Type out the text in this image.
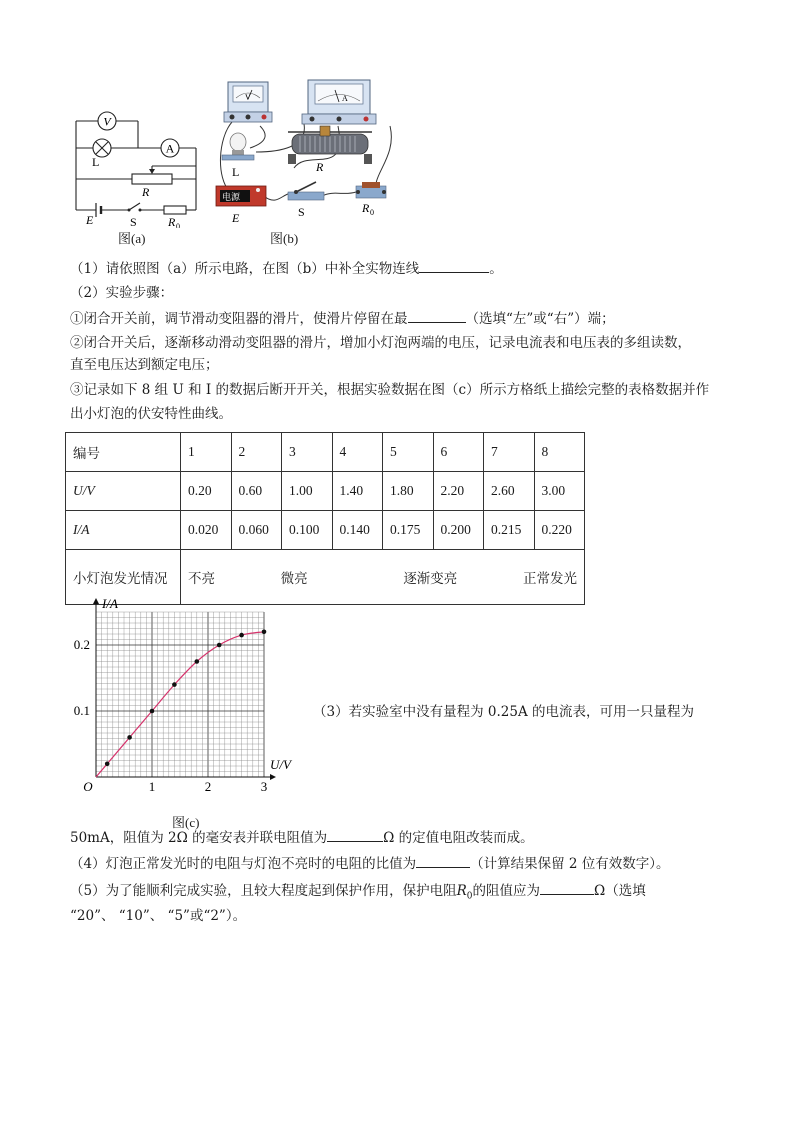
V
L
A
R
E	S	R 0
图(a)
V	A
L	R
电源
E	S	R 0
图(b)
（1）请依照图（a）所示电路，在图（b）中补全实物连线	。
（2）实验步骤：
①闭合开关前，调节滑动变阻器的滑片，使滑片停留在最	（选填“左”或“右”）端；
②闭合开关后，逐渐移动滑动变阻器的滑片，增加小灯泡两端的电压，记录电流表和电压表的多组读数，
直至电压达到额定电压；
③记录如下 8 组 U 和 I 的数据后断开开关，根据实验数据在图（c）所示方格纸上描绘完整的表格数据并作
出小灯泡的伏安特性曲线。
编号	1	2	3	4	5	6	7	8
U/V	0.20	0.60	1.00	1.40	1.80	2.20	2.60	3.00
I/A	0.020	0.060	0.100	0.140	0.175	0.200	0.215	0.220
小灯泡发光情况	不亮 微亮 逐渐变亮 正常发光							
I/A
U/V
O	1	2	3
0.1
0.2
图(c)
（3）若实验室中没有量程为 0.25A 的电流表，可用一只量程为
50mA，阻值为 2Ω 的毫安表并联电阻值为	Ω 的定值电阻改装而成。
（4）灯泡正常发光时的电阻与灯泡不亮时的电阻的比值为	（计算结果保留 2 位有效数字）。
（5）为了能顺利完成实验，且较大程度起到保护作用，保护电阻$R_0$的阻值应为	Ω（选填
“20”、 “10”、 “5”或“2”）。
